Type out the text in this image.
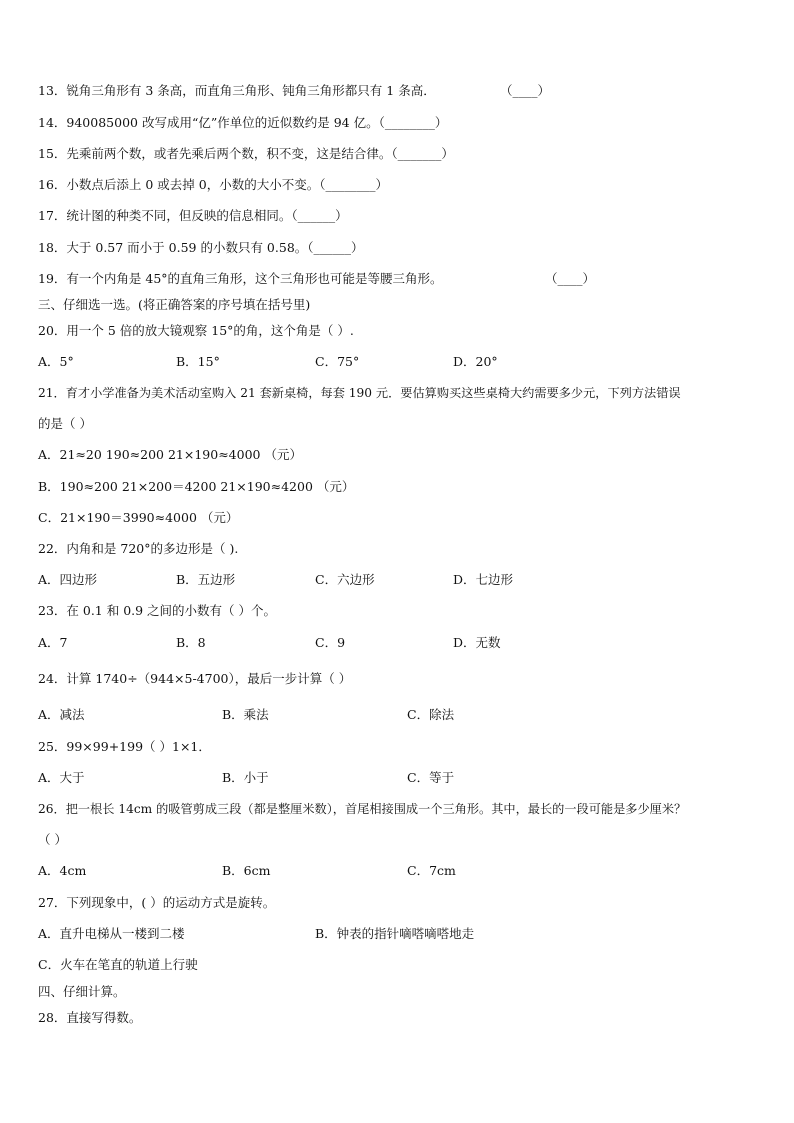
13．锐角三角形有 3 条高，而直角三角形、钝角三角形都只有 1 条高．	（____）
14．940085000 改写成用“亿”作单位的近似数约是 94 亿。（________）
15．先乘前两个数，或者先乘后两个数，积不变，这是结合律。（_______）
16．小数点后添上 0 或去掉 0，小数的大小不变。（________）
17．统计图的种类不同，但反映的信息相同。（______）
18．大于 0.57 而小于 0.59 的小数只有 0.58。（______）
19．有一个内角是 45°的直角三角形，这个三角形也可能是等腰三角形。	（____）
三、仔细选一选。(将正确答案的序号填在括号里)
20．用一个 5 倍的放大镜观察 15°的角，这个角是（ ）.
A．5°	B．15°	C．75°	D．20°
21．育才小学准备为美术活动室购入 21 套新桌椅，每套 190 元．要估算购买这些桌椅大约需要多少元，下列方法错误
的是（ ）
A．21≈20 190≈200 21×190≈4000 （元）
B．190≈200 21×200＝4200 21×190≈4200 （元）
C．21×190＝3990≈4000 （元）
22．内角和是 720°的多边形是（ ).
A．四边形	B．五边形	C．六边形	D．七边形
23．在 0.1 和 0.9 之间的小数有（ ）个。
A．7	B．8	C．9	D．无数
24．计算 1740÷（944×5-4700），最后一步计算（ ）
A．减法	B．乘法	C．除法
25．99×99+199（ ）1×1．
A．大于	B．小于	C．等于
26．把一根长 14cm 的吸管剪成三段（都是整厘米数），首尾相接围成一个三角形。其中，最长的一段可能是多少厘米？
（ ）
A．4cm	B．6cm	C．7cm
27．下列现象中，( ）的运动方式是旋转。
A．直升电梯从一楼到二楼	B．钟表的指针嘀嗒嘀嗒地走
C．火车在笔直的轨道上行驶
四、仔细计算。
28．直接写得数。
